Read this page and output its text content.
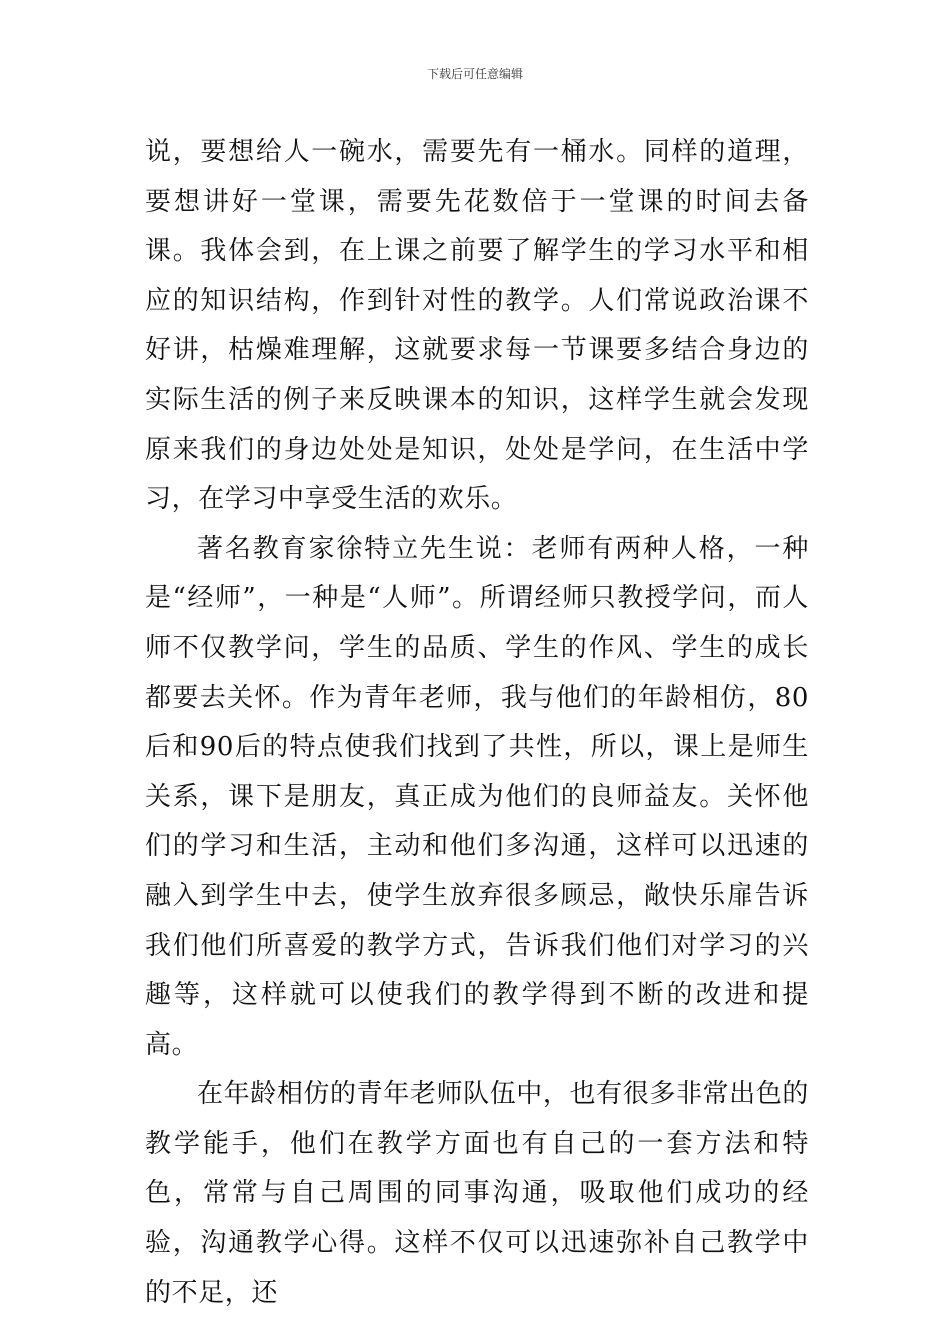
下载后可任意编辑

说，要想给人一碗水，需要先有一桶水。同样的道理，要想讲好一堂课，需要先花数倍于一堂课的时间去备课。我体会到，在上课之前要了解学生的学习水平和相应的知识结构，作到针对性的教学。人们常说政治课不好讲，枯燥难理解，这就要求每一节课要多结合身边的实际生活的例子来反映课本的知识，这样学生就会发现原来我们的身边处处是知识，处处是学问，在生活中学习，在学习中享受生活的欢乐。

著名教育家徐特立先生说：老师有两种人格，一种是“经师”，一种是“人师”。所谓经师只教授学问，而人师不仅教学问，学生的品质、学生的作风、学生的成长都要去关怀。作为青年老师，我与他们的年龄相仿，80后和90后的特点使我们找到了共性，所以，课上是师生关系，课下是朋友，真正成为他们的良师益友。关怀他们的学习和生活，主动和他们多沟通，这样可以迅速的融入到学生中去，使学生放弃很多顾忌，敞快乐扉告诉我们他们所喜爱的教学方式，告诉我们他们对学习的兴趣等，这样就可以使我们的教学得到不断的改进和提高。

在年龄相仿的青年老师队伍中，也有很多非常出色的教学能手，他们在教学方面也有自己的一套方法和特色，常常与自己周围的同事沟通，吸取他们成功的经验，沟通教学心得。这样不仅可以迅速弥补自己教学中的不足，还
